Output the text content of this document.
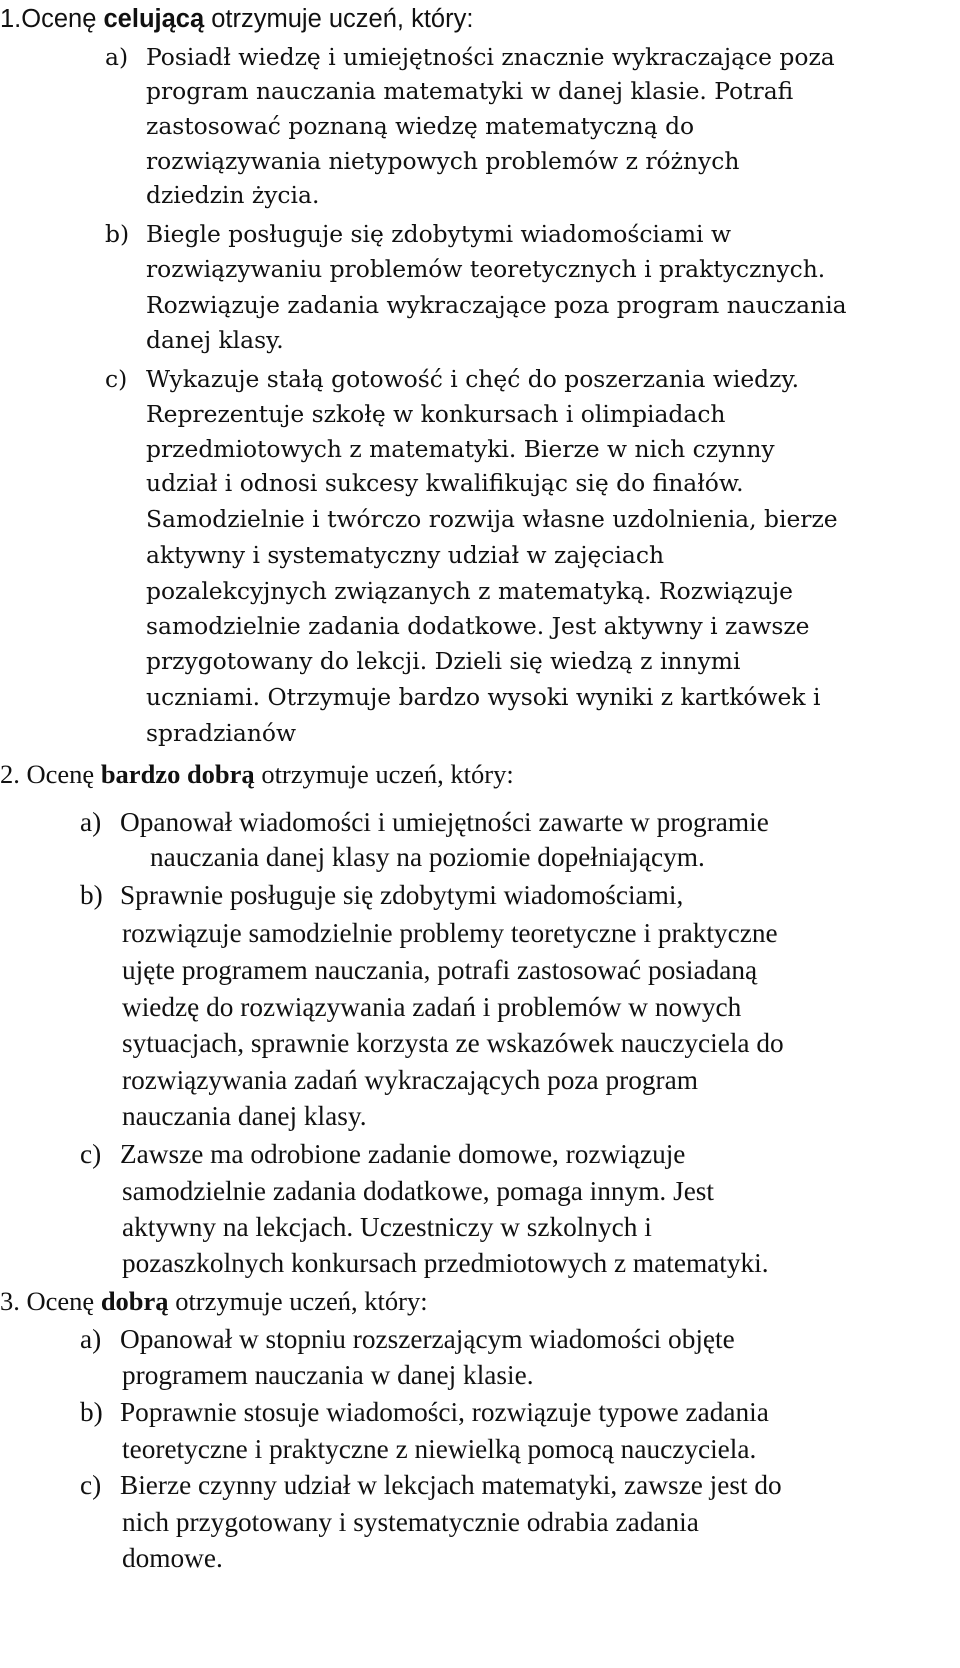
1.Ocenę celującą otrzymuje uczeń, który:
a) Posiadł wiedzę i umiejętności znacznie wykraczające poza
program nauczania matematyki w danej klasie. Potrafi
zastosować poznaną wiedzę matematyczną do
rozwiązywania nietypowych problemów z różnych
dziedzin życia.
b) Biegle posługuje się zdobytymi wiadomościami w
rozwiązywaniu problemów teoretycznych i praktycznych.
Rozwiązuje zadania wykraczające poza program nauczania
danej klasy.
c) Wykazuje stałą gotowość i chęć do poszerzania wiedzy.
Reprezentuje szkołę w konkursach i olimpiadach
przedmiotowych z matematyki. Bierze w nich czynny
udział i odnosi sukcesy kwalifikując się do finałów.
Samodzielnie i twórczo rozwija własne uzdolnienia, bierze
aktywny i systematyczny udział w zajęciach
pozalekcyjnych związanych z matematyką. Rozwiązuje
samodzielnie zadania dodatkowe. Jest aktywny i zawsze
przygotowany do lekcji. Dzieli się wiedzą z innymi
uczniami. Otrzymuje bardzo wysoki wyniki z kartkówek i
spradzianów
2. Ocenę bardzo dobrą otrzymuje uczeń, który:
a) Opanował wiadomości i umiejętności zawarte w programie
nauczania danej klasy na poziomie dopełniającym.
b) Sprawnie posługuje się zdobytymi wiadomościami,
rozwiązuje samodzielnie problemy teoretyczne i praktyczne
ujęte programem nauczania, potrafi zastosować posiadaną
wiedzę do rozwiązywania zadań i problemów w nowych
sytuacjach, sprawnie korzysta ze wskazówek nauczyciela do
rozwiązywania zadań wykraczających poza program
nauczania danej klasy.
c) Zawsze ma odrobione zadanie domowe, rozwiązuje
samodzielnie zadania dodatkowe, pomaga innym. Jest
aktywny na lekcjach. Uczestniczy w szkolnych i
pozaszkolnych konkursach przedmiotowych z matematyki.
3. Ocenę dobrą otrzymuje uczeń, który:
a) Opanował w stopniu rozszerzającym wiadomości objęte
programem nauczania w danej klasie.
b) Poprawnie stosuje wiadomości, rozwiązuje typowe zadania
teoretyczne i praktyczne z niewielką pomocą nauczyciela.
c) Bierze czynny udział w lekcjach matematyki, zawsze jest do
nich przygotowany i systematycznie odrabia zadania
domowe.
